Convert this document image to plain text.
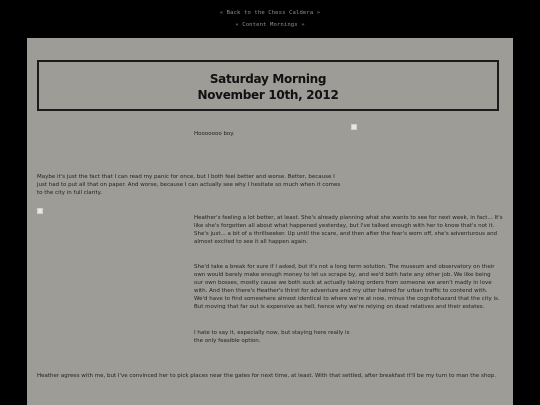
« Back to the Chess Caldera »
« Content Mornings »
Saturday Morning
November 10th, 2012

Hooooooo boy.

Maybe it's just the fact that I can read my panic for once, but I both feel better and worse. Better, because I just had to put all that on paper. And worse, because I can actually see why I hesitate so much when it comes to the city in full clarity.

Heather's feeling a lot better, at least. She's already planning what she wants to see for next week, in fact... It's like she's forgotten all about what happened yesterday, but I've talked enough with her to know that's not it. She's just... a bit of a thrillseeker. Up until the scare, and then after the fear's worn off, she's adventurous and almost excited to see it all happen again.

She'd take a break for sure if I asked, but it's not a long term solution. The museum and observatory on their own would barely make enough money to let us scrape by, and we'd both hate any other job. We like being our own bosses, mostly cause we both suck at actually taking orders from someone we aren't madly in love with. And then there's Heather's thirst for adventure and my utter hatred for urban traffic to contend with. We'd have to find somewhere almost identical to where we're at now, minus the cognitohazard that the city is. But moving that far out is expensive as hell, hence why we're relying on dead relatives and their estates.

I hate to say it, especially now, but staying here really is the only feasible option.

Heather agrees with me, but I've convinced her to pick places near the gates for next time, at least. With that settled, after breakfast it'll be my turn to man the shop.
